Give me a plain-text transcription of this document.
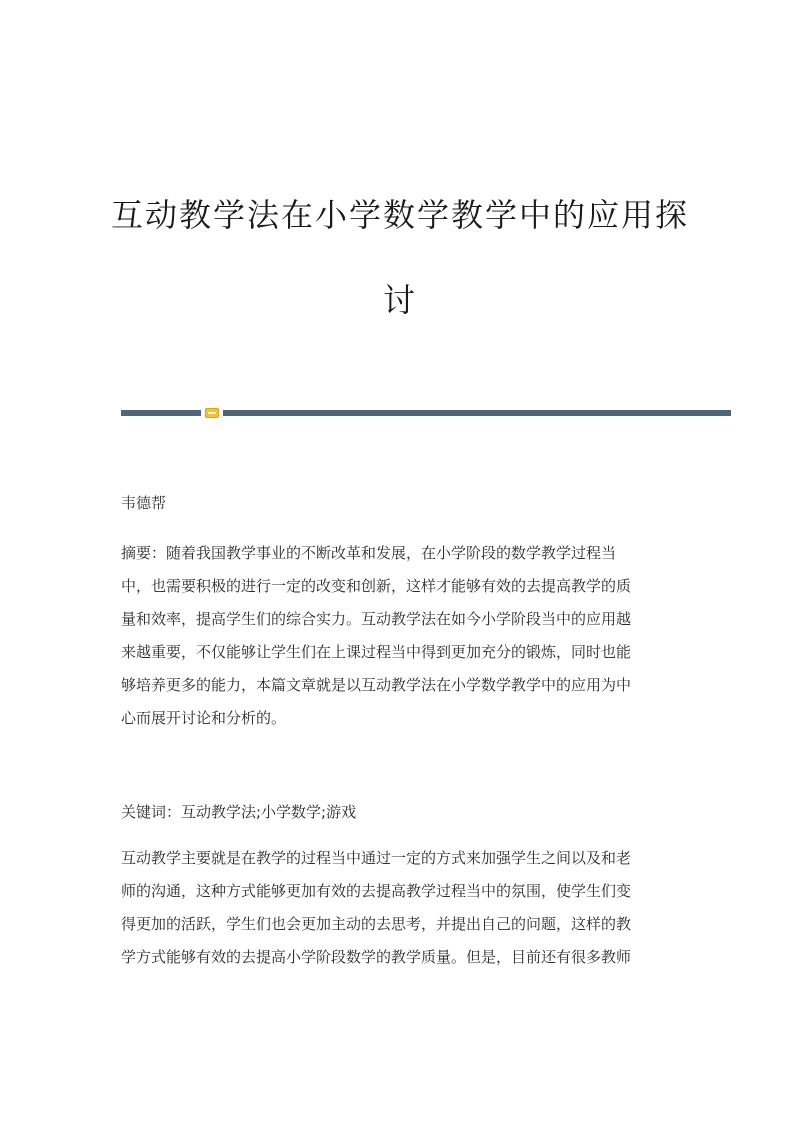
互动教学法在小学数学教学中的应用探
讨
韦德帮
摘要：随着我国教学事业的不断改革和发展，在小学阶段的数学教学过程当
中，也需要积极的进行一定的改变和创新，这样才能够有效的去提高教学的质
量和效率，提高学生们的综合实力。互动教学法在如今小学阶段当中的应用越
来越重要，不仅能够让学生们在上课过程当中得到更加充分的锻炼，同时也能
够培养更多的能力，本篇文章就是以互动教学法在小学数学教学中的应用为中
心而展开讨论和分析的。
关键词：互动教学法;小学数学;游戏
互动教学主要就是在教学的过程当中通过一定的方式来加强学生之间以及和老
师的沟通，这种方式能够更加有效的去提高教学过程当中的氛围，使学生们变
得更加的活跃，学生们也会更加主动的去思考，并提出自己的问题，这样的教
学方式能够有效的去提高小学阶段数学的教学质量。但是，目前还有很多教师
